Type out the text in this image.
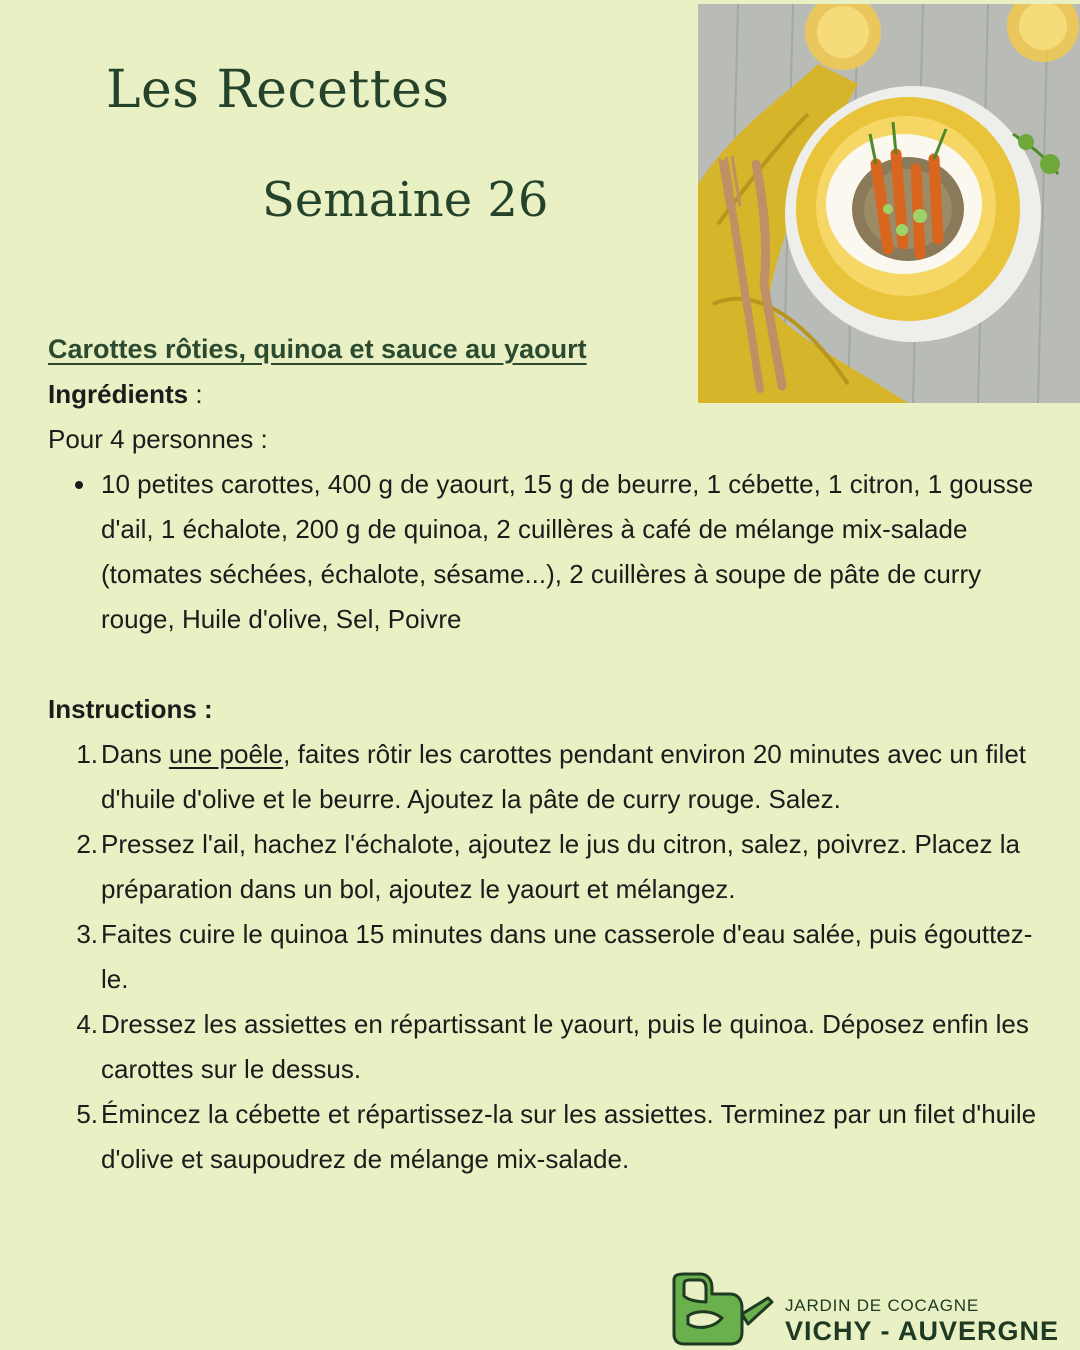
Les Recettes
Semaine 26
Carottes rôties, quinoa et sauce au yaourt
Ingrédients :
Pour 4 personnes :
10 petites carottes, 400 g de yaourt, 15 g de beurre, 1 cébette, 1 citron, 1 gousse d'ail, 1 échalote, 200 g de quinoa, 2 cuillères à café de mélange mix-salade (tomates séchées, échalote, sésame...), 2 cuillères à soupe de pâte de curry rouge, Huile d'olive, Sel, Poivre
Instructions :
1. Dans une poêle, faites rôtir les carottes pendant environ 20 minutes avec un filet d'huile d'olive et le beurre. Ajoutez la pâte de curry rouge. Salez.
2. Pressez l'ail, hachez l'échalote, ajoutez le jus du citron, salez, poivrez. Placez la préparation dans un bol, ajoutez le yaourt et mélangez.
3. Faites cuire le quinoa 15 minutes dans une casserole d'eau salée, puis égouttez-le.
4. Dressez les assiettes en répartissant le yaourt, puis le quinoa. Déposez enfin les carottes sur le dessus.
5. Émincez la cébette et répartissez-la sur les assiettes. Terminez par un filet d'huile d'olive et saupoudrez de mélange mix-salade.
JARDIN DE COCAGNE
VICHY - AUVERGNE
